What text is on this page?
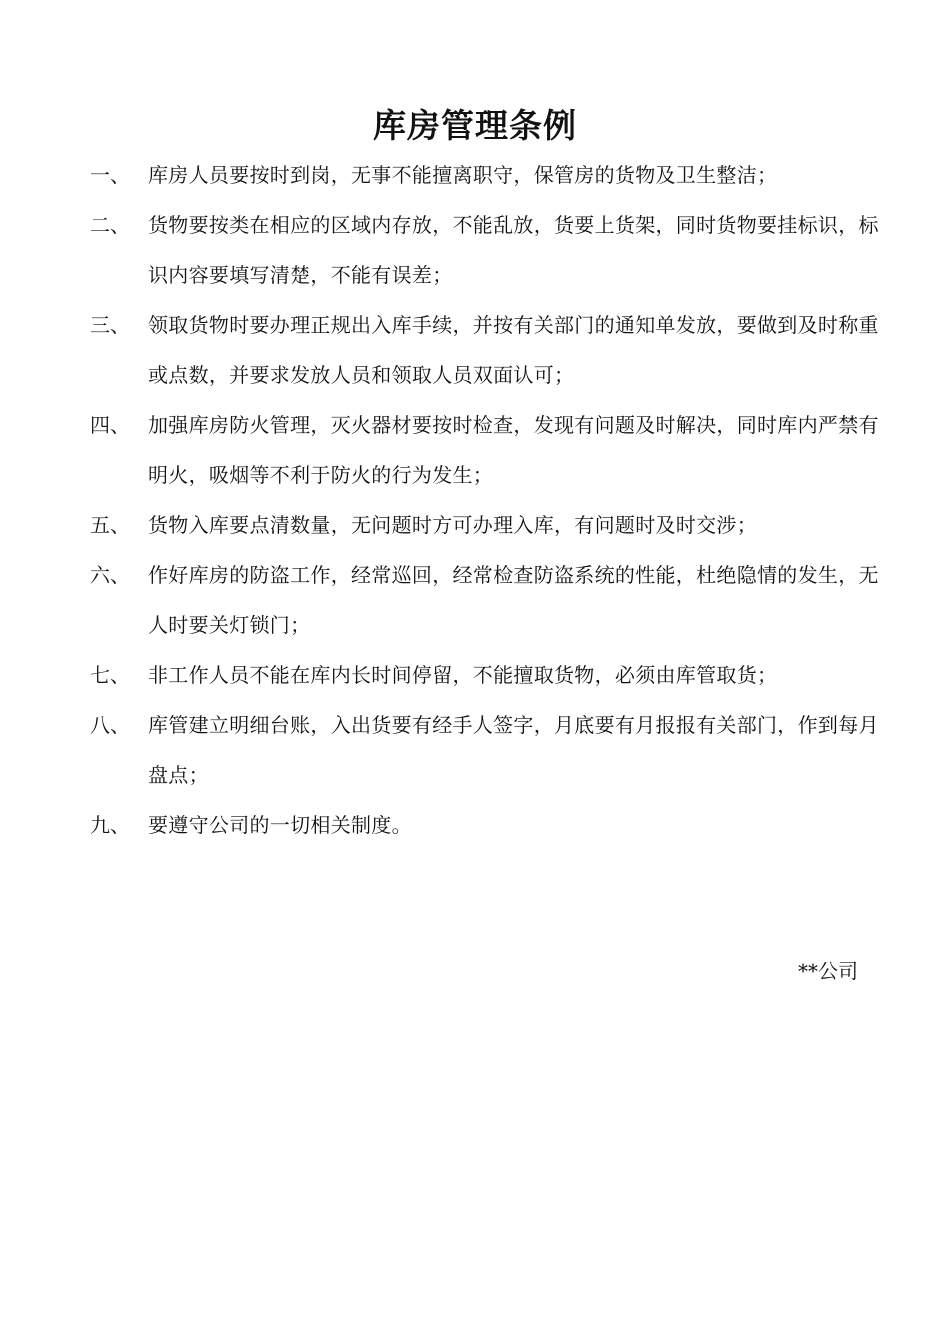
库房管理条例
一、 库房人员要按时到岗，无事不能擅离职守，保管房的货物及卫生整洁；
二、 货物要按类在相应的区域内存放，不能乱放，货要上货架，同时货物要挂标识，标识内容要填写清楚，不能有误差；
三、 领取货物时要办理正规出入库手续，并按有关部门的通知单发放，要做到及时称重或点数，并要求发放人员和领取人员双面认可；
四、 加强库房防火管理，灭火器材要按时检查，发现有问题及时解决，同时库内严禁有明火，吸烟等不利于防火的行为发生；
五、 货物入库要点清数量，无问题时方可办理入库，有问题时及时交涉；
六、 作好库房的防盗工作，经常巡回，经常检查防盗系统的性能，杜绝隐情的发生，无人时要关灯锁门；
七、 非工作人员不能在库内长时间停留，不能擅取货物，必须由库管取货；
八、 库管建立明细台账，入出货要有经手人签字，月底要有月报报有关部门，作到每月盘点；
九、 要遵守公司的一切相关制度。
**公司
